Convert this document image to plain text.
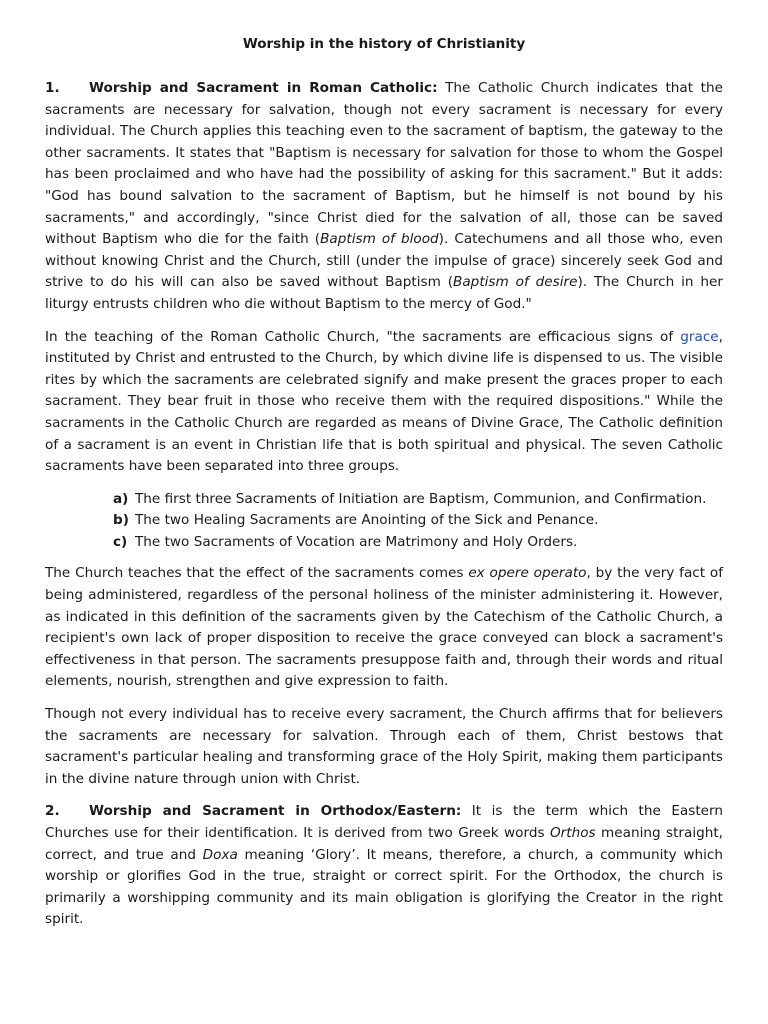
Worship in the history of Christianity

1. Worship and Sacrament in Roman Catholic: The Catholic Church indicates that the sacraments are necessary for salvation, though not every sacrament is necessary for every individual. The Church applies this teaching even to the sacrament of baptism, the gateway to the other sacraments. It states that "Baptism is necessary for salvation for those to whom the Gospel has been proclaimed and who have had the possibility of asking for this sacrament." But it adds: "God has bound salvation to the sacrament of Baptism, but he himself is not bound by his sacraments," and accordingly, "since Christ died for the salvation of all, those can be saved without Baptism who die for the faith (Baptism of blood). Catechumens and all those who, even without knowing Christ and the Church, still (under the impulse of grace) sincerely seek God and strive to do his will can also be saved without Baptism (Baptism of desire). The Church in her liturgy entrusts children who die without Baptism to the mercy of God."

In the teaching of the Roman Catholic Church, "the sacraments are efficacious signs of grace, instituted by Christ and entrusted to the Church, by which divine life is dispensed to us. The visible rites by which the sacraments are celebrated signify and make present the graces proper to each sacrament. They bear fruit in those who receive them with the required dispositions." While the sacraments in the Catholic Church are regarded as means of Divine Grace, The Catholic definition of a sacrament is an event in Christian life that is both spiritual and physical. The seven Catholic sacraments have been separated into three groups.

a) The first three Sacraments of Initiation are Baptism, Communion, and Confirmation.
b) The two Healing Sacraments are Anointing of the Sick and Penance.
c) The two Sacraments of Vocation are Matrimony and Holy Orders.

The Church teaches that the effect of the sacraments comes ex opere operato, by the very fact of being administered, regardless of the personal holiness of the minister administering it. However, as indicated in this definition of the sacraments given by the Catechism of the Catholic Church, a recipient's own lack of proper disposition to receive the grace conveyed can block a sacrament's effectiveness in that person. The sacraments presuppose faith and, through their words and ritual elements, nourish, strengthen and give expression to faith.

Though not every individual has to receive every sacrament, the Church affirms that for believers the sacraments are necessary for salvation. Through each of them, Christ bestows that sacrament's particular healing and transforming grace of the Holy Spirit, making them participants in the divine nature through union with Christ.

2. Worship and Sacrament in Orthodox/Eastern: It is the term which the Eastern Churches use for their identification. It is derived from two Greek words Orthos meaning straight, correct, and true and Doxa meaning ‘Glory’. It means, therefore, a church, a community which worship or glorifies God in the true, straight or correct spirit. For the Orthodox, the church is primarily a worshipping community and its main obligation is glorifying the Creator in the right spirit.
